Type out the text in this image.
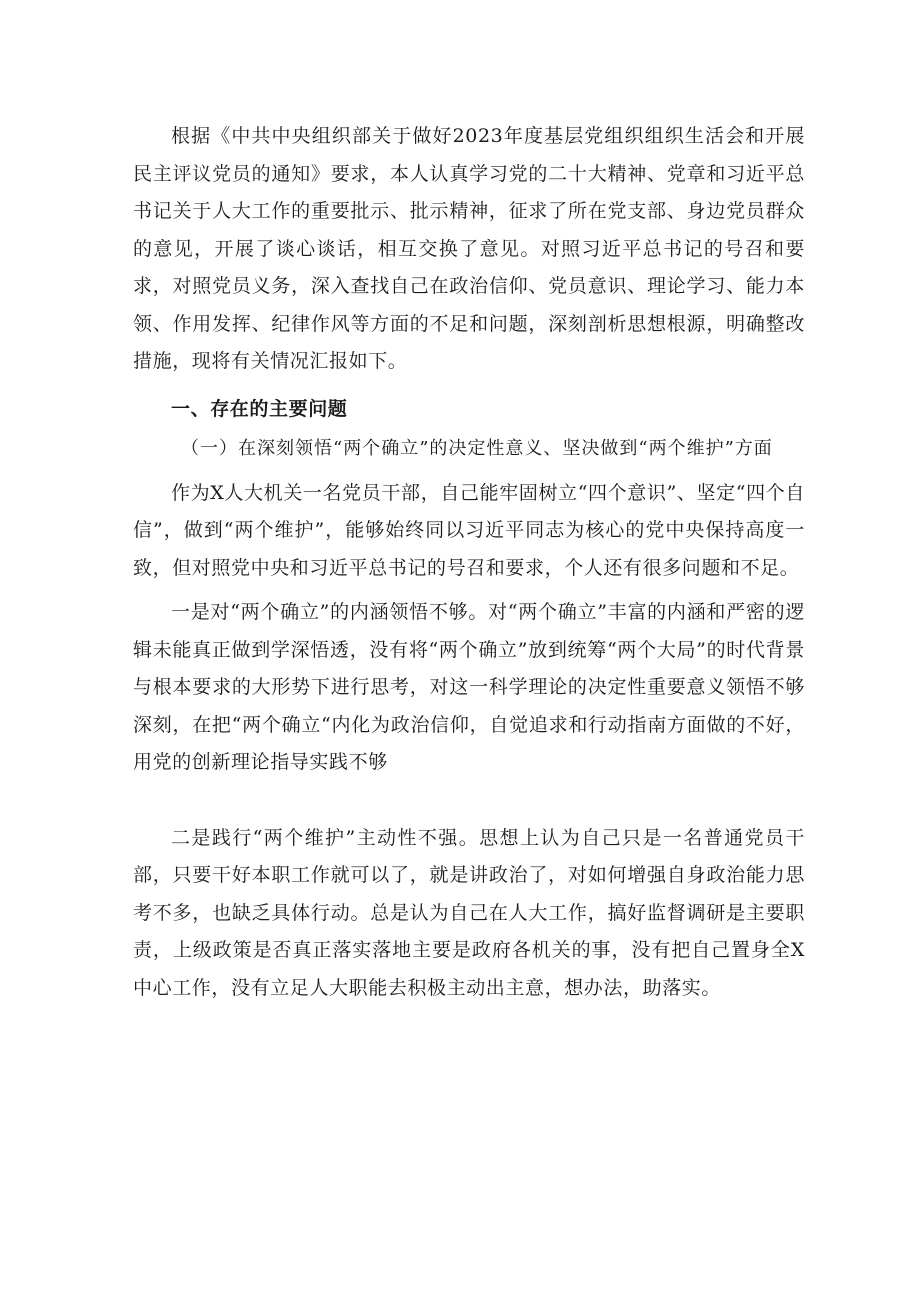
根据《中共中央组织部关于做好2023年度基层党组织组织生活会和开展民主评议党员的通知》要求，本人认真学习党的二十大精神、党章和习近平总书记关于人大工作的重要批示、批示精神，征求了所在党支部、身边党员群众的意见，开展了谈心谈话，相互交换了意见。对照习近平总书记的号召和要求，对照党员义务，深入查找自己在政治信仰、党员意识、理论学习、能力本领、作用发挥、纪律作风等方面的不足和问题，深刻剖析思想根源，明确整改措施，现将有关情况汇报如下。

一、存在的主要问题

（一）在深刻领悟“两个确立”的决定性意义、坚决做到“两个维护”方面

作为X人大机关一名党员干部，自己能牢固树立“四个意识”、坚定“四个自信”，做到“两个维护”，能够始终同以习近平同志为核心的党中央保持高度一致，但对照党中央和习近平总书记的号召和要求，个人还有很多问题和不足。

一是对“两个确立”的内涵领悟不够。对“两个确立”丰富的内涵和严密的逻辑未能真正做到学深悟透，没有将“两个确立”放到统筹“两个大局”的时代背景与根本要求的大形势下进行思考，对这一科学理论的决定性重要意义领悟不够深刻，在把“两个确立“内化为政治信仰，自觉追求和行动指南方面做的不好，用党的创新理论指导实践不够

二是践行“两个维护”主动性不强。思想上认为自己只是一名普通党员干部，只要干好本职工作就可以了，就是讲政治了，对如何增强自身政治能力思考不多，也缺乏具体行动。总是认为自己在人大工作，搞好监督调研是主要职责，上级政策是否真正落实落地主要是政府各机关的事，没有把自己置身全X中心工作，没有立足人大职能去积极主动出主意，想办法，助落实。
